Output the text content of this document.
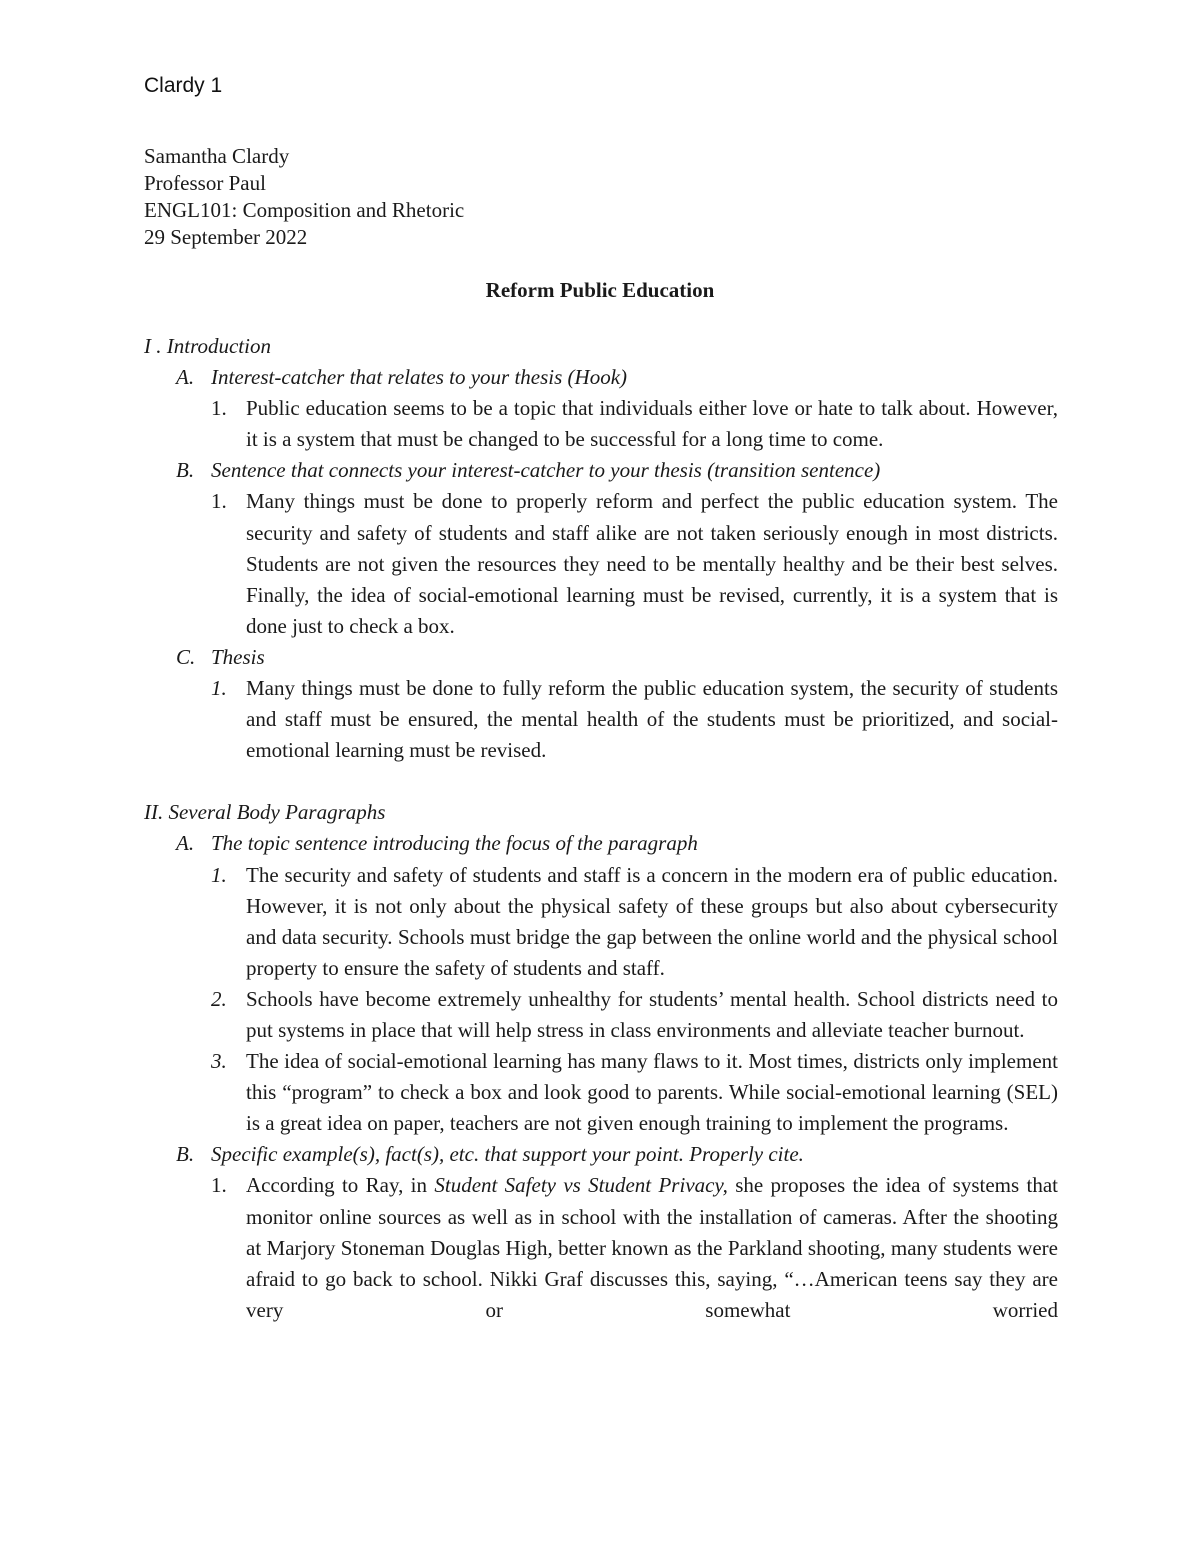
Clardy 1
Samantha Clardy
Professor Paul
ENGL101: Composition and Rhetoric
29 September 2022
Reform Public Education
I . Introduction
A. Interest-catcher that relates to your thesis (Hook)
1. Public education seems to be a topic that individuals either love or hate to talk about. However, it is a system that must be changed to be successful for a long time to come.
B. Sentence that connects your interest-catcher to your thesis (transition sentence)
1. Many things must be done to properly reform and perfect the public education system. The security and safety of students and staff alike are not taken seriously enough in most districts. Students are not given the resources they need to be mentally healthy and be their best selves. Finally, the idea of social-emotional learning must be revised, currently, it is a system that is done just to check a box.
C. Thesis
1. Many things must be done to fully reform the public education system, the security of students and staff must be ensured, the mental health of the students must be prioritized, and social-emotional learning must be revised.
II. Several Body Paragraphs
A. The topic sentence introducing the focus of the paragraph
1. The security and safety of students and staff is a concern in the modern era of public education. However, it is not only about the physical safety of these groups but also about cybersecurity and data security. Schools must bridge the gap between the online world and the physical school property to ensure the safety of students and staff.
2. Schools have become extremely unhealthy for students’ mental health. School districts need to put systems in place that will help stress in class environments and alleviate teacher burnout.
3. The idea of social-emotional learning has many flaws to it. Most times, districts only implement this “program” to check a box and look good to parents. While social-emotional learning (SEL) is a great idea on paper, teachers are not given enough training to implement the programs.
B. Specific example(s), fact(s), etc. that support your point. Properly cite.
1. According to Ray, in Student Safety vs Student Privacy, she proposes the idea of systems that monitor online sources as well as in school with the installation of cameras. After the shooting at Marjory Stoneman Douglas High, better known as the Parkland shooting, many students were afraid to go back to school. Nikki Graf discusses this, saying, “…American teens say they are very or somewhat worried
